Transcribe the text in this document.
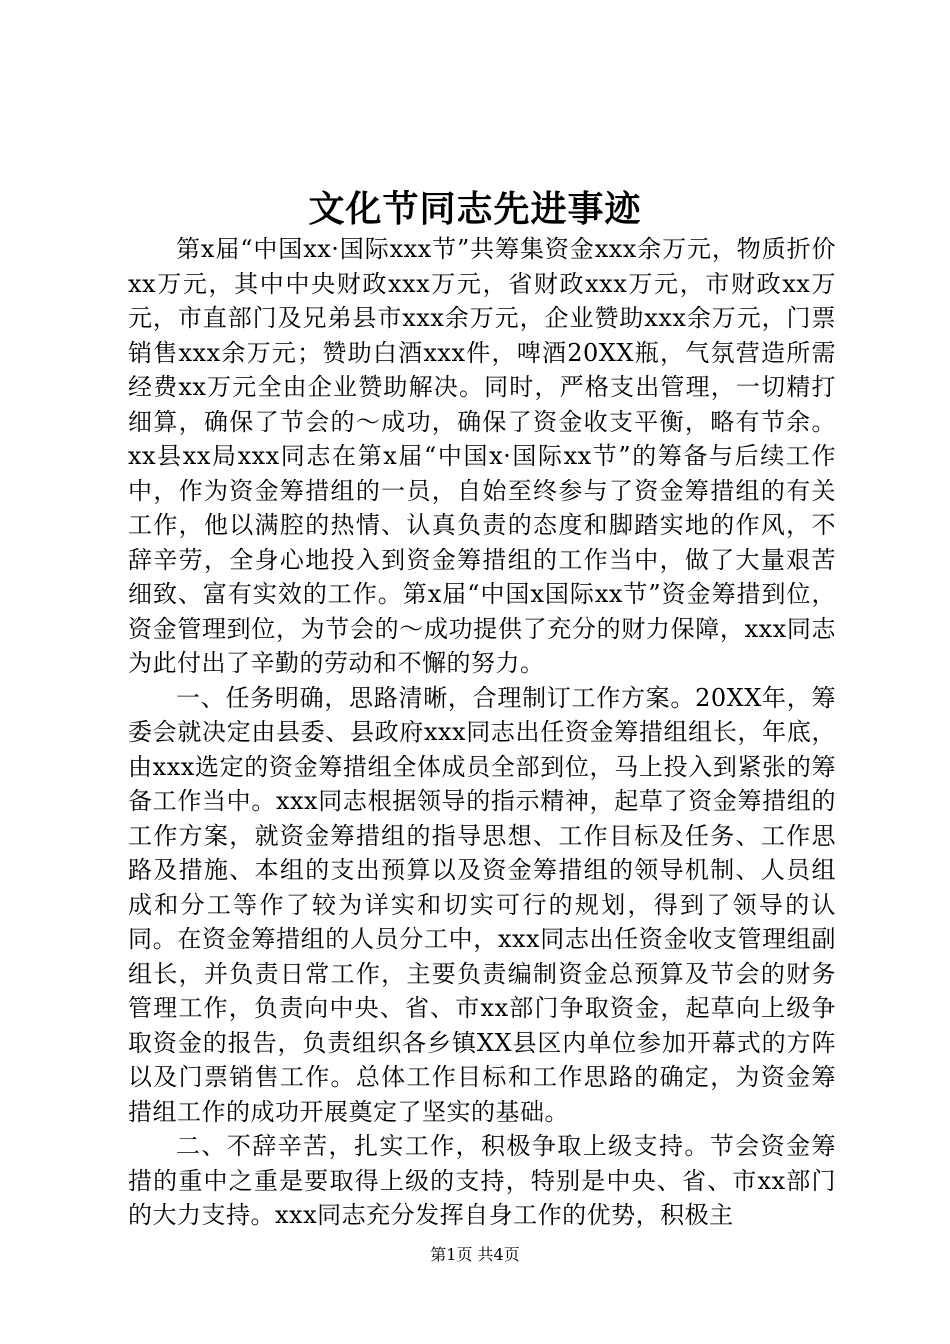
文化节同志先进事迹

第x届“中国xx·国际xxx节”共筹集资金xxx余万元，物质折价xx万元，其中中央财政xxx万元，省财政xxx万元，市财政xx万元，市直部门及兄弟县市xxx余万元，企业赞助xxx余万元，门票销售xxx余万元；赞助白酒xxx件，啤酒20XX瓶，气氛营造所需经费xx万元全由企业赞助解决。同时，严格支出管理，一切精打细算，确保了节会的～成功，确保了资金收支平衡，略有节余。xx县xx局xxx同志在第x届“中国x·国际xx节”的筹备与后续工作中，作为资金筹措组的一员，自始至终参与了资金筹措组的有关工作，他以满腔的热情、认真负责的态度和脚踏实地的作风，不辞辛劳，全身心地投入到资金筹措组的工作当中，做了大量艰苦细致、富有实效的工作。第x届“中国x国际xx节”资金筹措到位，资金管理到位，为节会的～成功提供了充分的财力保障，xxx同志为此付出了辛勤的劳动和不懈的努力。

一、任务明确，思路清晰，合理制订工作方案。20XX年，筹委会就决定由县委、县政府xxx同志出任资金筹措组组长，年底，由xxx选定的资金筹措组全体成员全部到位，马上投入到紧张的筹备工作当中。xxx同志根据领导的指示精神，起草了资金筹措组的工作方案，就资金筹措组的指导思想、工作目标及任务、工作思路及措施、本组的支出预算以及资金筹措组的领导机制、人员组成和分工等作了较为详实和切实可行的规划，得到了领导的认同。在资金筹措组的人员分工中，xxx同志出任资金收支管理组副组长，并负责日常工作，主要负责编制资金总预算及节会的财务管理工作，负责向中央、省、市xx部门争取资金，起草向上级争取资金的报告，负责组织各乡镇XX县区内单位参加开幕式的方阵以及门票销售工作。总体工作目标和工作思路的确定，为资金筹措组工作的成功开展奠定了坚实的基础。

二、不辞辛苦，扎实工作，积极争取上级支持。节会资金筹措的重中之重是要取得上级的支持，特别是中央、省、市xx部门的大力支持。xxx同志充分发挥自身工作的优势，积极主

第1页 共4页
